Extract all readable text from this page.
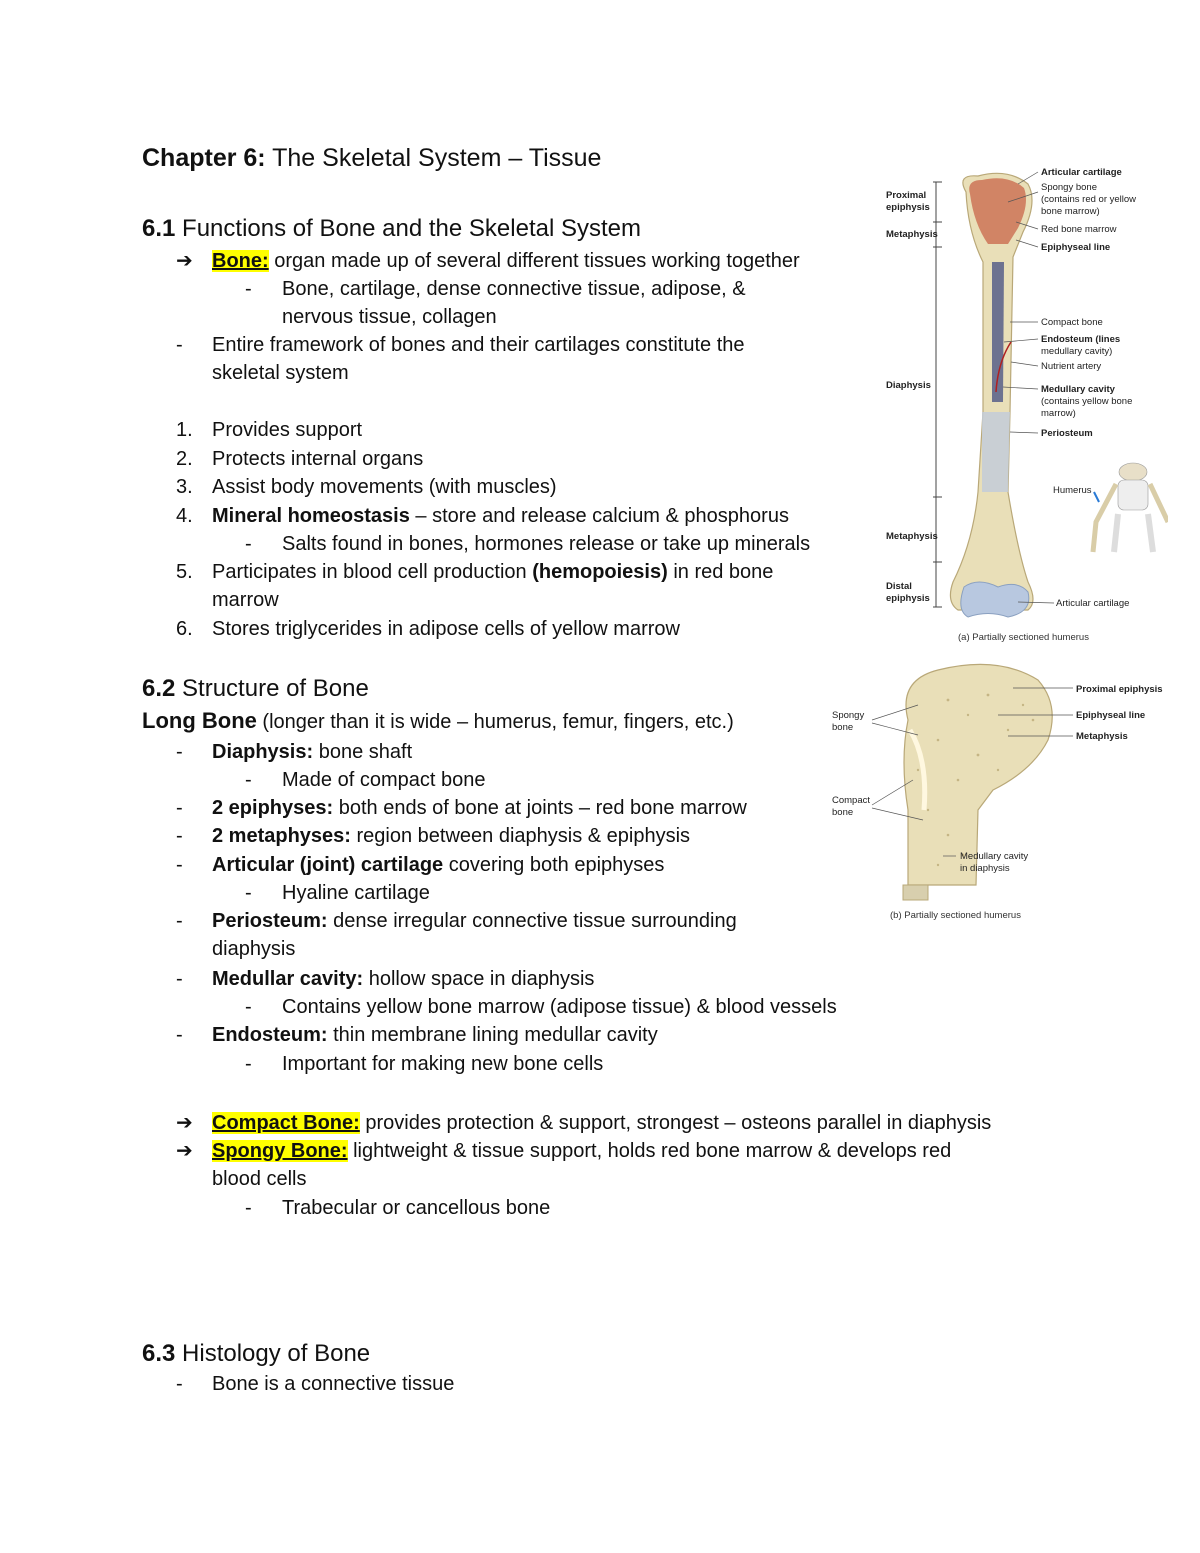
Chapter 6: The Skeletal System – Tissue
6.1 Functions of Bone and the Skeletal System
➔ Bone: organ made up of several different tissues working together
- Bone, cartilage, dense connective tissue, adipose, &
nervous tissue, collagen
- Entire framework of bones and their cartilages constitute the
skeletal system
1. Provides support
2. Protects internal organs
3. Assist body movements (with muscles)
4. Mineral homeostasis – store and release calcium & phosphorus
- Salts found in bones, hormones release or take up minerals
5. Participates in blood cell production (hemopoiesis) in red bone
marrow
6. Stores triglycerides in adipose cells of yellow marrow
6.2 Structure of Bone
Long Bone (longer than it is wide – humerus, femur, fingers, etc.)
- Diaphysis: bone shaft
- Made of compact bone
- 2 epiphyses: both ends of bone at joints – red bone marrow
- 2 metaphyses: region between diaphysis & epiphysis
- Articular (joint) cartilage covering both epiphyses
- Hyaline cartilage
- Periosteum: dense irregular connective tissue surrounding
diaphysis
- Medullar cavity: hollow space in diaphysis
- Contains yellow bone marrow (adipose tissue) & blood vessels
- Endosteum: thin membrane lining medullar cavity
- Important for making new bone cells
➔ Compact Bone: provides protection & support, strongest – osteons parallel in diaphysis
➔ Spongy Bone: lightweight & tissue support, holds red bone marrow & develops red
blood cells
- Trabecular or cancellous bone
6.3 Histology of Bone
- Bone is a connective tissue
Proximal
epiphysis
Metaphysis
Diaphysis
Metaphysis
Distal
epiphysis
Articular cartilage
Spongy bone
(contains red or yellow
bone marrow)
Red bone marrow
Epiphyseal line
Compact bone
Endosteum (lines
medullary cavity)
Nutrient artery
Medullary cavity
(contains yellow bone
marrow)
Periosteum
Humerus
Articular cartilage
(a) Partially sectioned humerus
Proximal epiphysis
Epiphyseal line
Metaphysis
Spongy
bone
Compact
bone
Medullary cavity
in diaphysis
(b) Partially sectioned humerus
